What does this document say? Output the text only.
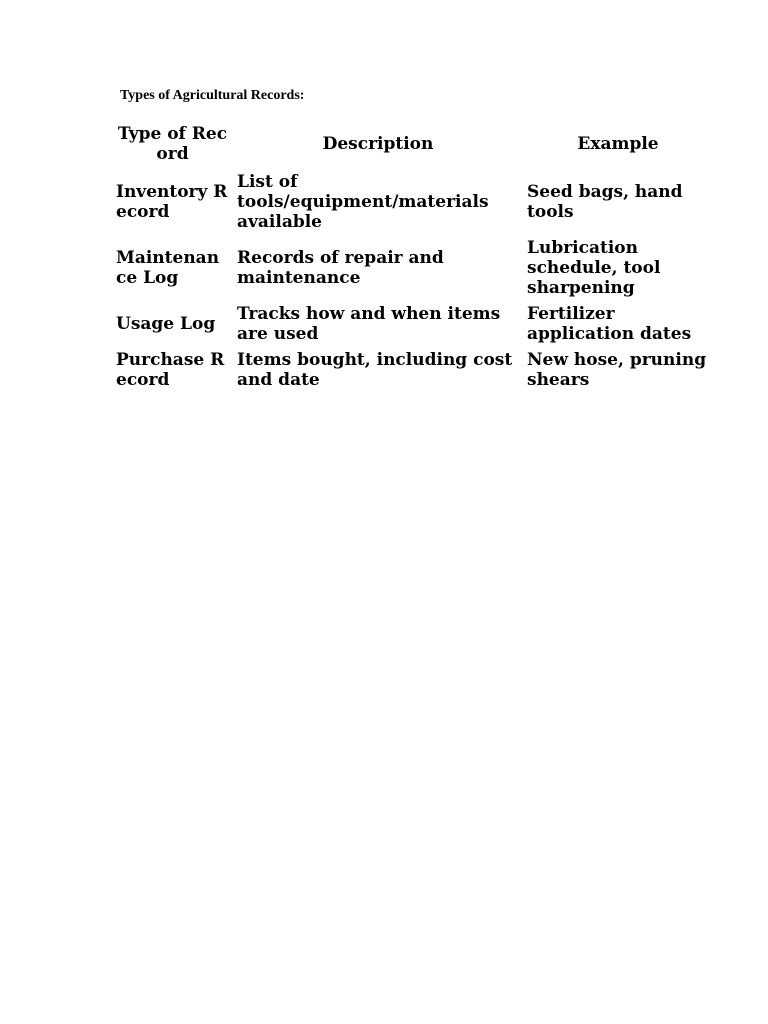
Types of Agricultural Records:

Type of Record	Description	Example
Inventory Record	List of tools/equipment/materials available	Seed bags, hand tools
Maintenance Log	Records of repair and maintenance	Lubrication schedule, tool sharpening
Usage Log	Tracks how and when items are used	Fertilizer application dates
Purchase Record	Items bought, including cost and date	New hose, pruning shears
